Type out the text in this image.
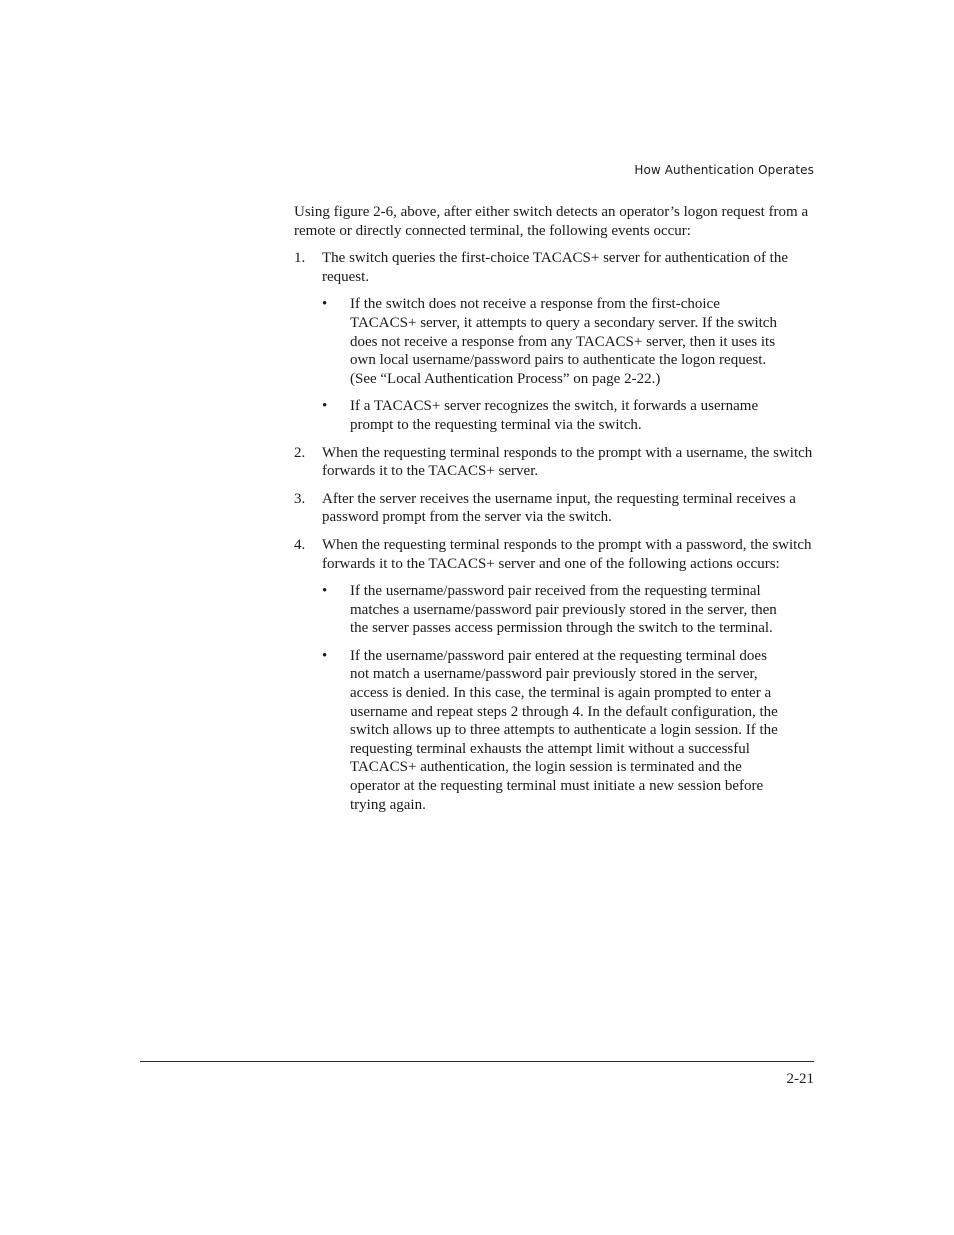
How Authentication Operates

Using figure 2-6, above, after either switch detects an operator’s logon request from a remote or directly connected terminal, the following events occur:

1. The switch queries the first-choice TACACS+ server for authentication of the request.

• If the switch does not receive a response from the first-choice TACACS+ server, it attempts to query a secondary server. If the switch does not receive a response from any TACACS+ server, then it uses its own local username/password pairs to authenticate the logon request. (See “Local Authentication Process” on page 2-22.)

• If a TACACS+ server recognizes the switch, it forwards a username prompt to the requesting terminal via the switch.

2. When the requesting terminal responds to the prompt with a username, the switch forwards it to the TACACS+ server.

3. After the server receives the username input, the requesting terminal receives a password prompt from the server via the switch.

4. When the requesting terminal responds to the prompt with a password, the switch forwards it to the TACACS+ server and one of the following actions occurs:

• If the username/password pair received from the requesting terminal matches a username/password pair previously stored in the server, then the server passes access permission through the switch to the terminal.

• If the username/password pair entered at the requesting terminal does not match a username/password pair previously stored in the server, access is denied. In this case, the terminal is again prompted to enter a username and repeat steps 2 through 4. In the default configuration, the switch allows up to three attempts to authenticate a login session. If the requesting terminal exhausts the attempt limit without a successful TACACS+ authentication, the login session is terminated and the operator at the requesting terminal must initiate a new session before trying again.

2-21
